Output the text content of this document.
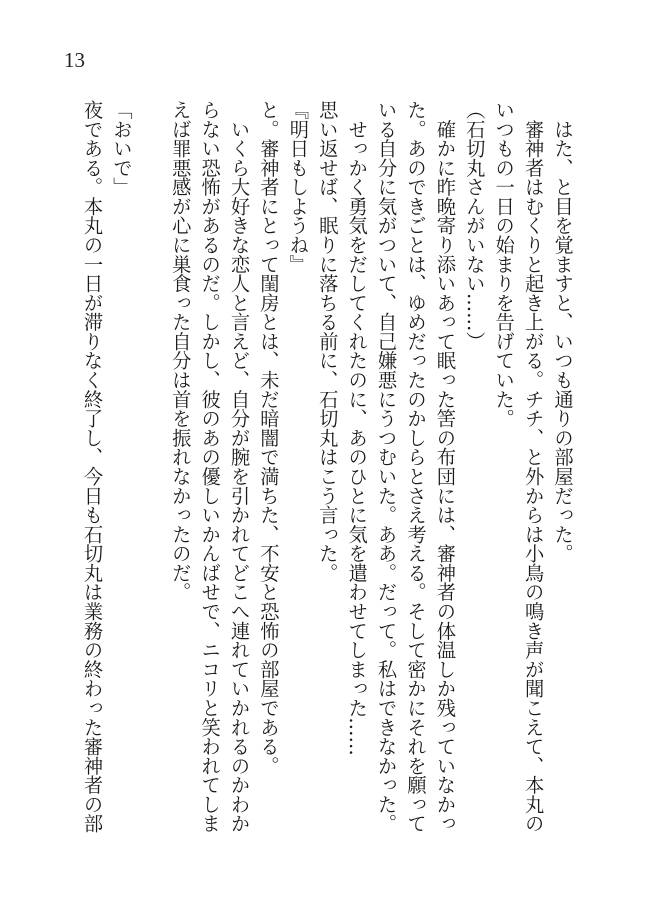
13

　はた、と目を覚ますと、いつも通りの部屋だった。

　審神者はむくりと起き上がる。チチ、と外からは小鳥の鳴き声が聞こえて、本丸の

いつもの一日の始まりを告げていた。

（石切丸さんがいない……）

　確かに昨晩寄り添いあって眠った筈の布団には、審神者の体温しか残っていなかっ

た。あのできごとは、ゆめだったのかしらとさえ考える。そして密かにそれを願って

いる自分に気がついて、自己嫌悪にうつむいた。ああ。だって。私はできなかった。

　せっかく勇気をだしてくれたのに、あのひとに気を遣わせてしまった……

思い返せば、眠りに落ちる前に、石切丸はこう言った。

『明日もしようね』

と。審神者にとって閨房とは、未だ暗闇で満ちた、不安と恐怖の部屋である。

　いくら大好きな恋人と言えど、自分が腕を引かれてどこへ連れていかれるのかわか

らない恐怖があるのだ。しかし、彼のあの優しいかんばせで、ニコリと笑われてしま

えば罪悪感が心に巣食った自分は首を振れなかったのだ。

「おいで」

夜である。本丸の一日が滞りなく終了し、今日も石切丸は業務の終わった審神者の部
